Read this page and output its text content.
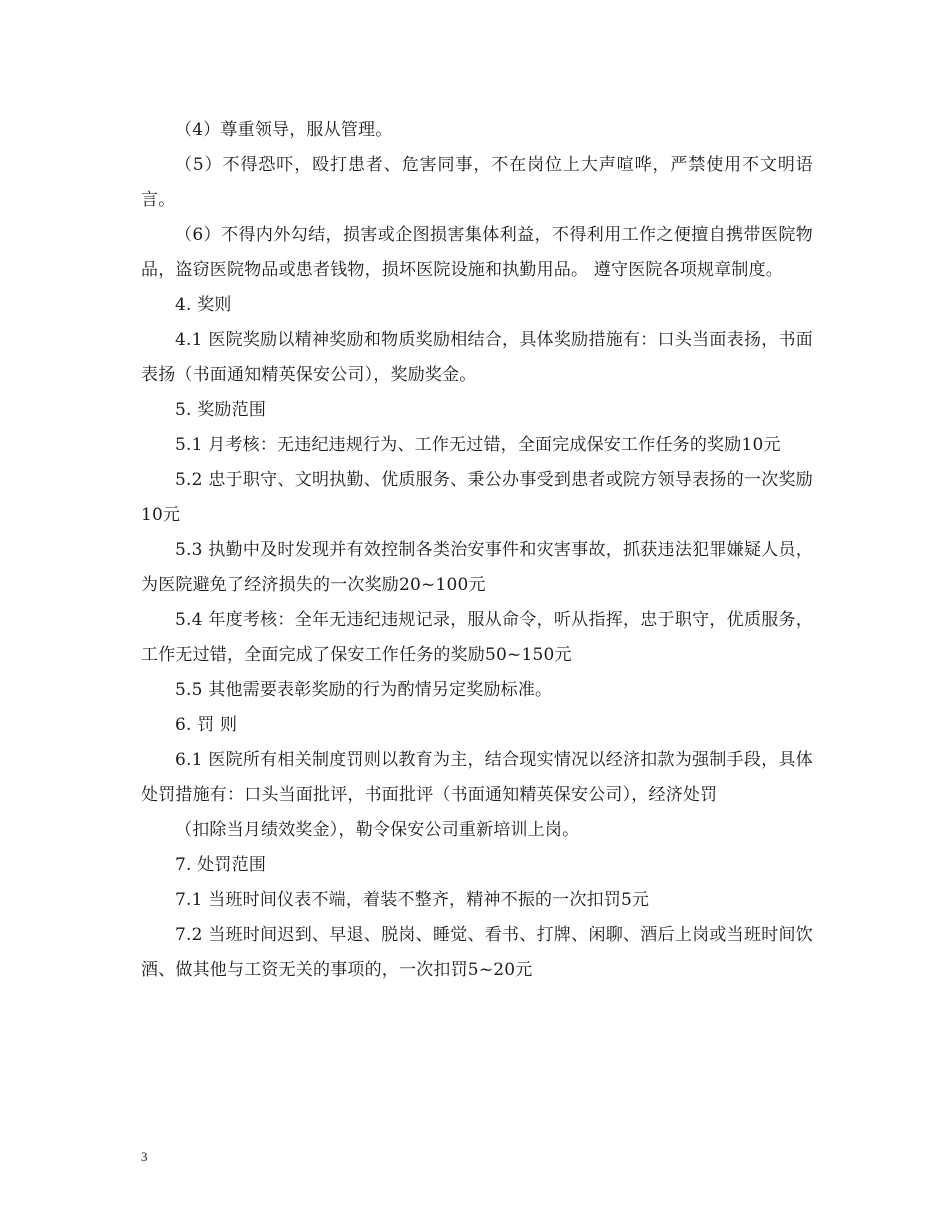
（4）尊重领导，服从管理。

（5）不得恐吓，殴打患者、危害同事，不在岗位上大声喧哗，严禁使用不文明语言。

（6）不得内外勾结，损害或企图损害集体利益，不得利用工作之便擅自携带医院物品，盗窃医院物品或患者钱物，损坏医院设施和执勤用品。 遵守医院各项规章制度。

4. 奖则

4.1 医院奖励以精神奖励和物质奖励相结合，具体奖励措施有：口头当面表扬，书面表扬（书面通知精英保安公司），奖励奖金。

5. 奖励范围

5.1 月考核：无违纪违规行为、工作无过错，全面完成保安工作任务的奖励10元

5.2 忠于职守、文明执勤、优质服务、秉公办事受到患者或院方领导表扬的一次奖励10元

5.3 执勤中及时发现并有效控制各类治安事件和灾害事故，抓获违法犯罪嫌疑人员，为医院避免了经济损失的一次奖励20~100元

5.4 年度考核：全年无违纪违规记录，服从命令，听从指挥，忠于职守，优质服务，工作无过错，全面完成了保安工作任务的奖励50~150元

5.5 其他需要表彰奖励的行为酌情另定奖励标准。

6. 罚 则

6.1 医院所有相关制度罚则以教育为主，结合现实情况以经济扣款为强制手段，具体处罚措施有：口头当面批评，书面批评（书面通知精英保安公司），经济处罚

（扣除当月绩效奖金），勒令保安公司重新培训上岗。

7. 处罚范围

7.1 当班时间仪表不端，着装不整齐，精神不振的一次扣罚5元

7.2 当班时间迟到、早退、脱岗、睡觉、看书、打牌、闲聊、酒后上岗或当班时间饮酒、做其他与工资无关的事项的，一次扣罚5~20元

3
